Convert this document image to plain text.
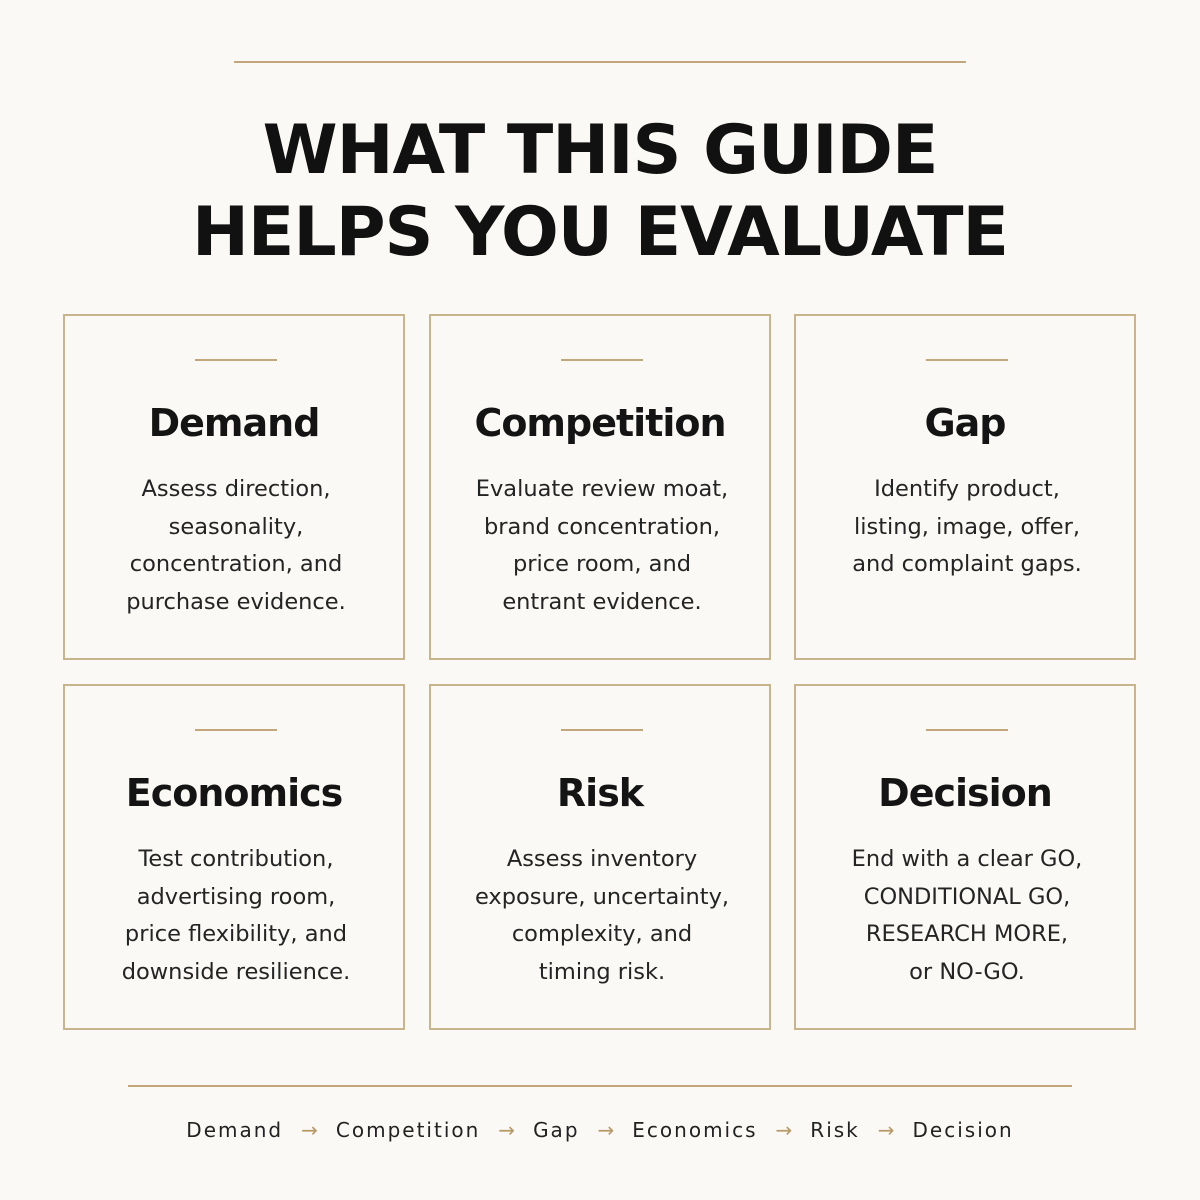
WHAT THIS GUIDE
HELPS YOU EVALUATE
Demand
Assess direction,
seasonality,
concentration, and
purchase evidence.
Competition
Evaluate review moat,
brand concentration,
price room, and
entrant evidence.
Gap
Identify product,
listing, image, offer,
and complaint gaps.
Economics
Test contribution,
advertising room,
price flexibility, and
downside resilience.
Risk
Assess inventory
exposure, uncertainty,
complexity, and
timing risk.
Decision
End with a clear GO,
CONDITIONAL GO,
RESEARCH MORE,
or NO-GO.
Demand → Competition → Gap → Economics → Risk → Decision
